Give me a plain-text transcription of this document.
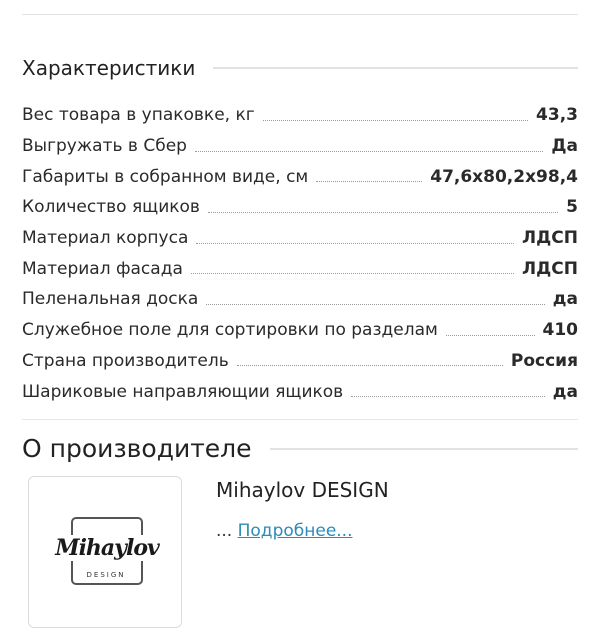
Характеристики
Вес товара в упаковке, кг	43,3
Выгружать в Сбер	Да
Габариты в собранном виде, см	47,6x80,2x98,4
Количество ящиков	5
Материал корпуса	ЛДСП
Материал фасада	ЛДСП
Пеленальная доска	да
Служебное поле для сортировки по разделам	410
Страна производитель	Россия
Шариковые направляющии ящиков	да
О производителе
Mihaylov
DESIGN
Mihaylov DESIGN
... Подробнее...
